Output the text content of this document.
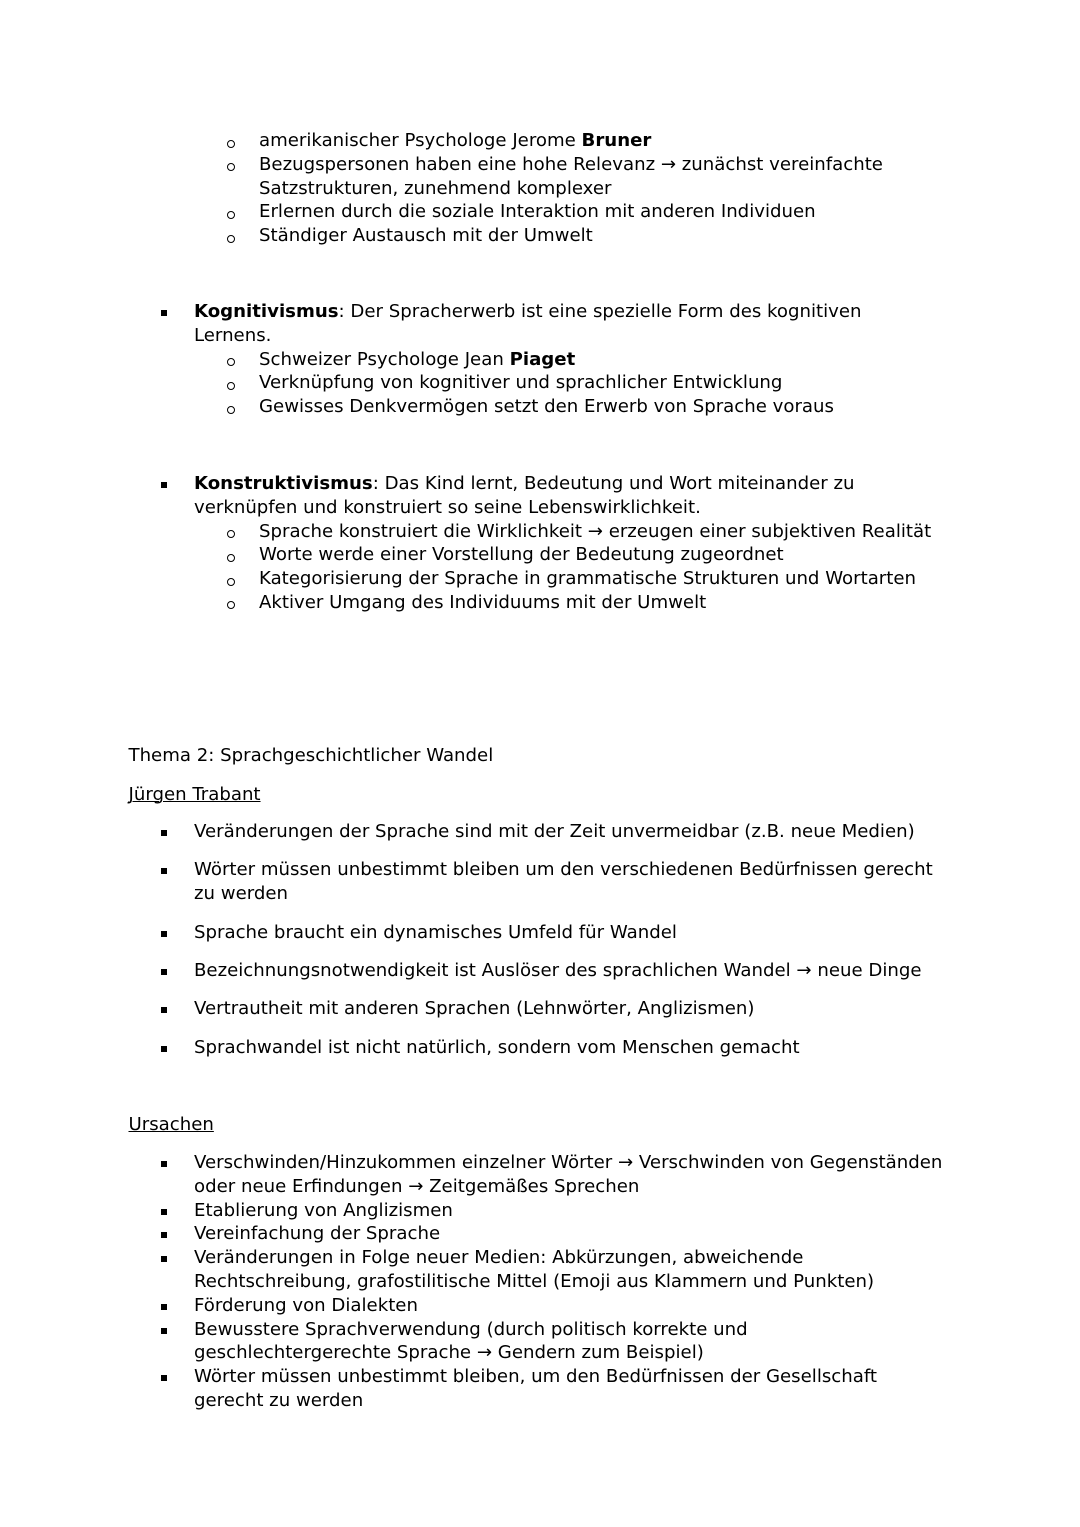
amerikanischer Psychologe Jerome Bruner
Bezugspersonen haben eine hohe Relevanz → zunächst vereinfachte
Satzstrukturen, zunehmend komplexer
Erlernen durch die soziale Interaktion mit anderen Individuen
Ständiger Austausch mit der Umwelt
Kognitivismus: Der Spracherwerb ist eine spezielle Form des kognitiven
Lernens.
Schweizer Psychologe Jean Piaget
Verknüpfung von kognitiver und sprachlicher Entwicklung
Gewisses Denkvermögen setzt den Erwerb von Sprache voraus
Konstruktivismus: Das Kind lernt, Bedeutung und Wort miteinander zu
verknüpfen und konstruiert so seine Lebenswirklichkeit.
Sprache konstruiert die Wirklichkeit → erzeugen einer subjektiven Realität
Worte werde einer Vorstellung der Bedeutung zugeordnet
Kategorisierung der Sprache in grammatische Strukturen und Wortarten
Aktiver Umgang des Individuums mit der Umwelt
Thema 2: Sprachgeschichtlicher Wandel
Jürgen Trabant
Veränderungen der Sprache sind mit der Zeit unvermeidbar (z.B. neue Medien)
Wörter müssen unbestimmt bleiben um den verschiedenen Bedürfnissen gerecht
zu werden
Sprache braucht ein dynamisches Umfeld für Wandel
Bezeichnungsnotwendigkeit ist Auslöser des sprachlichen Wandel → neue Dinge
Vertrautheit mit anderen Sprachen (Lehnwörter, Anglizismen)
Sprachwandel ist nicht natürlich, sondern vom Menschen gemacht
Ursachen
Verschwinden/Hinzukommen einzelner Wörter → Verschwinden von Gegenständen
oder neue Erfindungen → Zeitgemäßes Sprechen
Etablierung von Anglizismen
Vereinfachung der Sprache
Veränderungen in Folge neuer Medien: Abkürzungen, abweichende
Rechtschreibung, grafostilitische Mittel (Emoji aus Klammern und Punkten)
Förderung von Dialekten
Bewusstere Sprachverwendung (durch politisch korrekte und
geschlechtergerechte Sprache → Gendern zum Beispiel)
Wörter müssen unbestimmt bleiben, um den Bedürfnissen der Gesellschaft
gerecht zu werden
